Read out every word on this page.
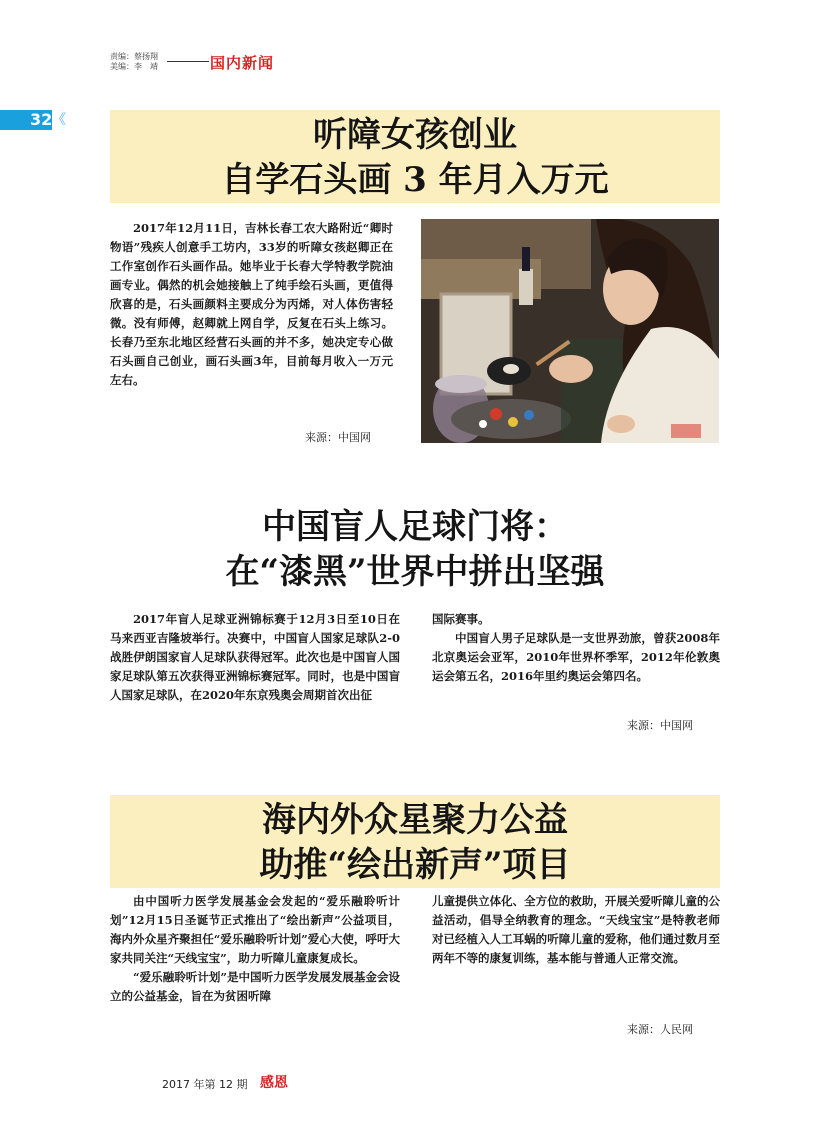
责编：蔡扬翔
美编：李　靖	国内新闻
32 《	听障女孩创业
自学石头画 3 年月入万元

2017年12月11日，吉林长春工农大路附近“卿时物语”残疾人创意手工坊内，33岁的听障女孩赵卿正在工作室创作石头画作品。她毕业于长春大学特教学院油画专业。偶然的机会她接触上了纯手绘石头画，更值得欣喜的是，石头画颜料主要成分为丙烯，对人体伤害轻微。没有师傅，赵卿就上网自学，反复在石头上练习。长春乃至东北地区经营石头画的并不多，她决定专心做石头画自己创业，画石头画3年，目前每月收入一万元左右。

来源：中国网
中国盲人足球门将：
在“漆黑”世界中拼出坚强

2017年盲人足球亚洲锦标赛于12月3日至10日在马来西亚吉隆坡举行。决赛中，中国盲人国家足球队2-0战胜伊朗国家盲人足球队获得冠军。此次也是中国盲人国家足球队第五次获得亚洲锦标赛冠军。同时，也是中国盲人国家足球队，在2020年东京残奥会周期首次出征

国际赛事。

中国盲人男子足球队是一支世界劲旅，曾获2008年北京奥运会亚军，2010年世界杯季军，2012年伦敦奥运会第五名，2016年里约奥运会第四名。

来源：中国网
海内外众星聚力公益
助推“绘出新声”项目

由中国听力医学发展基金会发起的“爱乐融聆听计划”12月15日圣诞节正式推出了“绘出新声”公益项目，海内外众星齐聚担任“爱乐融聆听计划”爱心大使，呼吁大家共同关注“天线宝宝”，助力听障儿童康复成长。

“爱乐融聆听计划”是中国听力医学发展发展基金会设立的公益基金，旨在为贫困听障

儿童提供立体化、全方位的救助，开展关爱听障儿童的公益活动，倡导全纳教育的理念。“天线宝宝”是特教老师对已经植入人工耳蜗的听障儿童的爱称，他们通过数月至两年不等的康复训练，基本能与普通人正常交流。

来源：人民网
2017 年第 12 期 感恩
